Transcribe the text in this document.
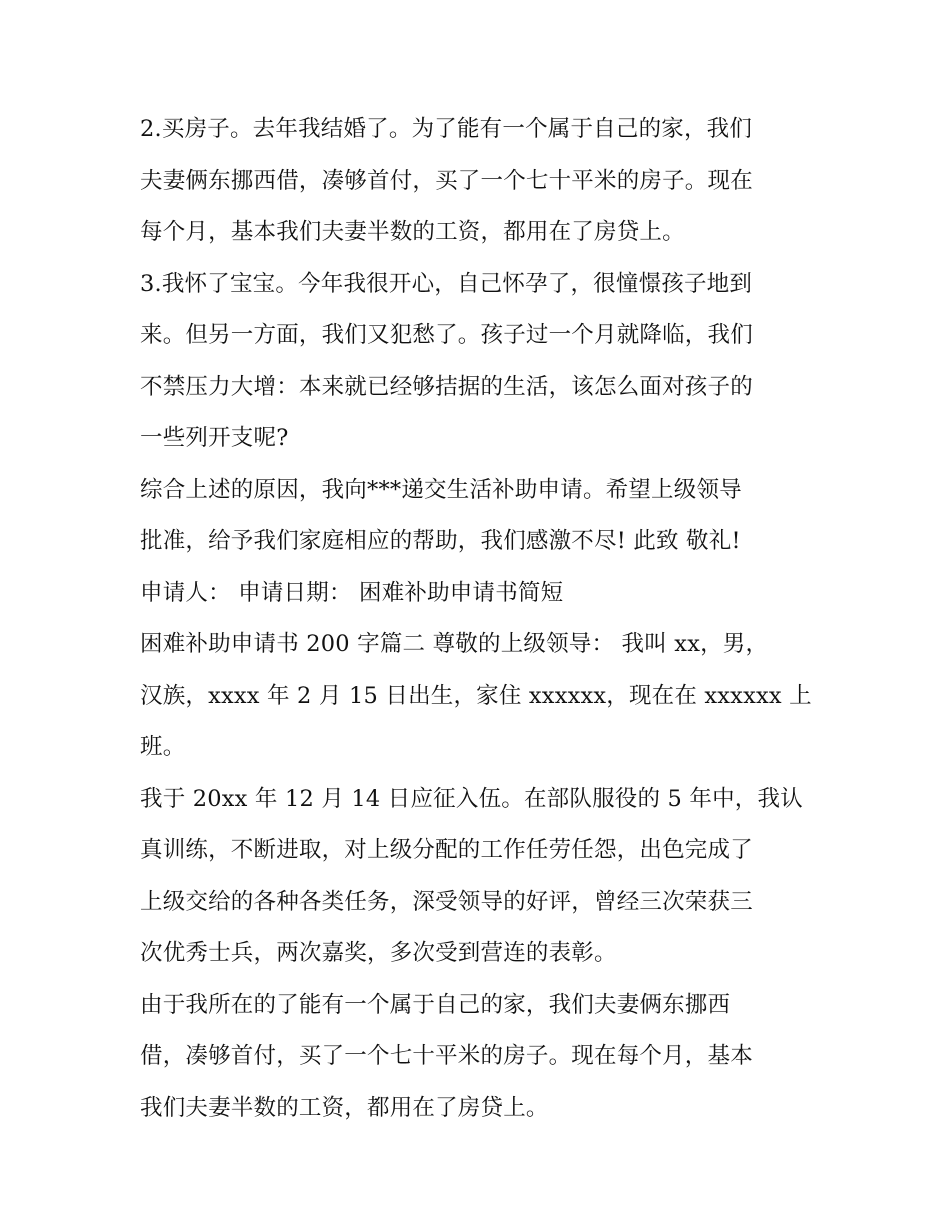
2.买房子。去年我结婚了。为了能有一个属于自己的家，我们
夫妻俩东挪西借，凑够首付，买了一个七十平米的房子。现在
每个月，基本我们夫妻半数的工资，都用在了房贷上。
3.我怀了宝宝。今年我很开心，自己怀孕了，很憧憬孩子地到
来。但另一方面，我们又犯愁了。孩子过一个月就降临，我们
不禁压力大增：本来就已经够拮据的生活，该怎么面对孩子的
一些列开支呢?
综合上述的原因，我向***递交生活补助申请。希望上级领导
批准，给予我们家庭相应的帮助，我们感激不尽! 此致 敬礼!
申请人： 申请日期： 困难补助申请书简短
困难补助申请书 200 字篇二 尊敬的上级领导： 我叫 xx，男，
汉族，xxxx 年 2 月 15 日出生，家住 xxxxxx，现在在 xxxxxx 上
班。
我于 20xx 年 12 月 14 日应征入伍。在部队服役的 5 年中，我认
真训练，不断进取，对上级分配的工作任劳任怨，出色完成了
上级交给的各种各类任务，深受领导的好评，曾经三次荣获三
次优秀士兵，两次嘉奖，多次受到营连的表彰。
由于我所在的了能有一个属于自己的家，我们夫妻俩东挪西
借，凑够首付，买了一个七十平米的房子。现在每个月，基本
我们夫妻半数的工资，都用在了房贷上。
